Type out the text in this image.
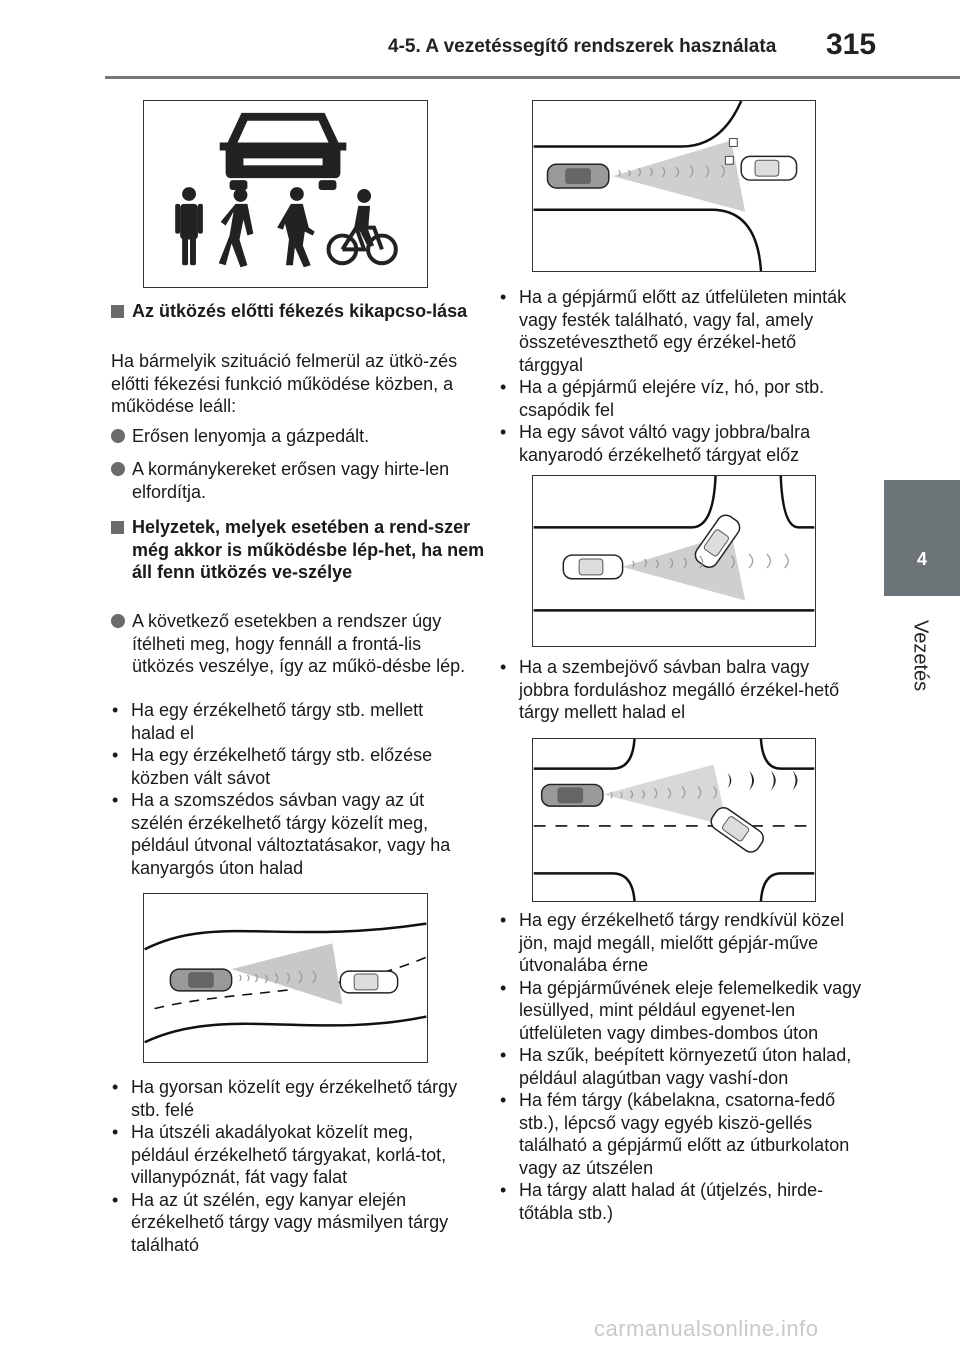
4-5. A vezetéssegítő rendszerek használata 315
4
Vezetés
Az ütközés előtti fékezés kikapcso-lása
Ha bármelyik szituáció felmerül az ütkö-zés előtti fékezési funkció működése közben, a működése leáll:
Erősen lenyomja a gázpedált.
A kormánykereket erősen vagy hirte-len elfordítja.
Helyzetek, melyek esetében a rend-szer még akkor is működésbe lép-het, ha nem áll fenn ütközés ve-szélye
A következő esetekben a rendszer úgy ítélheti meg, hogy fennáll a frontá-lis ütközés veszélye, így az műkö-désbe lép.
• Ha egy érzékelhető tárgy stb. mellett halad el
• Ha egy érzékelhető tárgy stb. előzése közben vált sávot
• Ha a szomszédos sávban vagy az út szélén érzékelhető tárgy közelít meg, például útvonal változtatásakor, vagy ha kanyargós úton halad
• Ha gyorsan közelít egy érzékelhető tárgy stb. felé
• Ha útszéli akadályokat közelít meg, például érzékelhető tárgyakat, korlá-tot, villanypóznát, fát vagy falat
• Ha az út szélén, egy kanyar elején érzékelhető tárgy vagy másmilyen tárgy található
• Ha a gépjármű előtt az útfelületen minták vagy festék található, vagy fal, amely összetéveszthető egy érzékel-hető tárggyal
• Ha a gépjármű elejére víz, hó, por stb. csapódik fel
• Ha egy sávot váltó vagy jobbra/balra kanyarodó érzékelhető tárgyat előz
• Ha a szembejövő sávban balra vagy jobbra forduláshoz megálló érzékel-hető tárgy mellett halad el
• Ha egy érzékelhető tárgy rendkívül közel jön, majd megáll, mielőtt gépjár-műve útvonalába érne
• Ha gépjárművének eleje felemelkedik vagy lesüllyed, mint például egyenet-len útfelületen vagy dimbes-dombos úton
• Ha szűk, beépített környezetű úton halad, például alagútban vagy vashí-don
• Ha fém tárgy (kábelakna, csatorna-fedő stb.), lépcső vagy egyéb kiszö-gellés található a gépjármű előtt az útburkolaton vagy az útszélen
• Ha tárgy alatt halad át (útjelzés, hirde-tőtábla stb.)
carmanualsonline.info
